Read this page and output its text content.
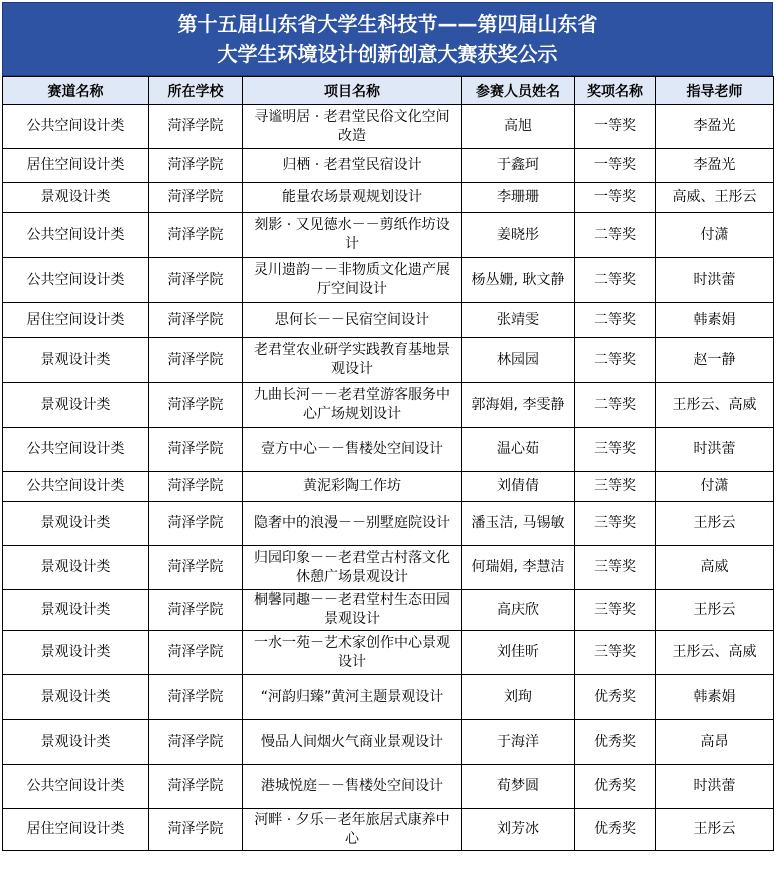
第十五届山东省大学生科技节——第四届山东省
大学生环境设计创新创意大赛获奖公示
赛道名称	所在学校	项目名称	参赛人员姓名	奖项名称	指导老师
公共空间设计类	菏泽学院	寻谧明居 · 老君堂民俗文化空间改造	高旭	一等奖	李盈光
居住空间设计类	菏泽学院	归栖 · 老君堂民宿设计	于鑫珂	一等奖	李盈光
景观设计类	菏泽学院	能量农场景观规划设计	李珊珊	一等奖	高威、王彤云
公共空间设计类	菏泽学院	刻影 · 又见德水－－剪纸作坊设计	姜晓彤	二等奖	付潇
公共空间设计类	菏泽学院	灵川遗韵－－非物质文化遗产展厅空间设计	杨丛姗, 耿文静	二等奖	时洪蕾
居住空间设计类	菏泽学院	思何长－－民宿空间设计	张靖雯	二等奖	韩素娟
景观设计类	菏泽学院	老君堂农业研学实践教育基地景观设计	林园园	二等奖	赵一静
景观设计类	菏泽学院	九曲长河－－老君堂游客服务中心广场规划设计	郭海娟, 李雯静	二等奖	王彤云、高威
公共空间设计类	菏泽学院	壹方中心－－售楼处空间设计	温心茹	三等奖	时洪蕾
公共空间设计类	菏泽学院	黄泥彩陶工作坊	刘倩倩	三等奖	付潇
景观设计类	菏泽学院	隐奢中的浪漫－－别墅庭院设计	潘玉洁, 马锡敏	三等奖	王彤云
景观设计类	菏泽学院	归园印象－－老君堂古村落文化休憩广场景观设计	何瑞娟, 李慧洁	三等奖	高威
景观设计类	菏泽学院	桐馨同趣－－老君堂村生态田园景观设计	高庆欣	三等奖	王彤云
景观设计类	菏泽学院	一水一苑－艺术家创作中心景观设计	刘佳昕	三等奖	王彤云、高威
景观设计类	菏泽学院	“河韵归臻”黄河主题景观设计	刘珣	优秀奖	韩素娟
景观设计类	菏泽学院	慢品人间烟火气商业景观设计	于海洋	优秀奖	高昂
公共空间设计类	菏泽学院	港城悦庭－－售楼处空间设计	荀梦圆	优秀奖	时洪蕾
居住空间设计类	菏泽学院	河畔 · 夕乐－老年旅居式康养中心	刘芳冰	优秀奖	王彤云
